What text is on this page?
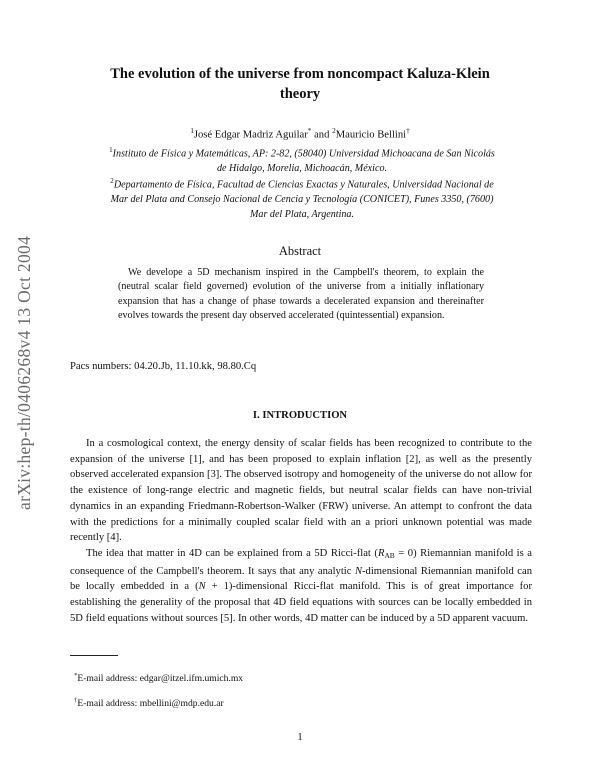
arXiv:hep-th/0406268v4 13 Oct 2004
The evolution of the universe from noncompact Kaluza-Klein
theory
$^1$José Edgar Madriz Aguilar* and $^2$Mauricio Bellini†
$^1$Instituto de Física y Matemáticas, AP: 2-82, (58040) Universidad Michoacana de San Nicolás
de Hidalgo, Morelia, Michoacán, México.
$^2$Departamento de Física, Facultad de Ciencias Exactas y Naturales, Universidad Nacional de
Mar del Plata and Consejo Nacional de Cencia y Tecnología (CONICET), Funes 3350, (7600)
Mar del Plata, Argentina.
Abstract
We develope a 5D mechanism inspired in the Campbell's theorem, to explain the (neutral scalar field governed) evolution of the universe from a initially inflationary expansion that has a change of phase towards a decelerated expansion and thereinafter evolves towards the present day observed accelerated (quintessential) expansion.
Pacs numbers: 04.20.Jb, 11.10.kk, 98.80.Cq
I. INTRODUCTION
In a cosmological context, the energy density of scalar fields has been recognized to contribute to the expansion of the universe [1], and has been proposed to explain inflation [2], as well as the presently observed accelerated expansion [3]. The observed isotropy and homogeneity of the universe do not allow for the existence of long-range electric and magnetic fields, but neutral scalar fields can have non-trivial dynamics in an expanding Friedmann-Robertson-Walker (FRW) universe. An attempt to confront the data with the predictions for a minimally coupled scalar field with an a priori unknown potential was made recently [4].
The idea that matter in 4D can be explained from a 5D Ricci-flat $(R_{AB} = 0)$ Riemannian manifold is a consequence of the Campbell's theorem. It says that any analytic N-dimensional Riemannian manifold can be locally embedded in a (N + 1)-dimensional Ricci-flat manifold. This is of great importance for establishing the generality of the proposal that 4D field equations with sources can be locally embedded in 5D field equations without sources [5]. In other words, 4D matter can be induced by a 5D apparent vacuum.
*E-mail address: edgar@itzel.ifm.umich.mx
†E-mail address: mbellini@mdp.edu.ar
1
